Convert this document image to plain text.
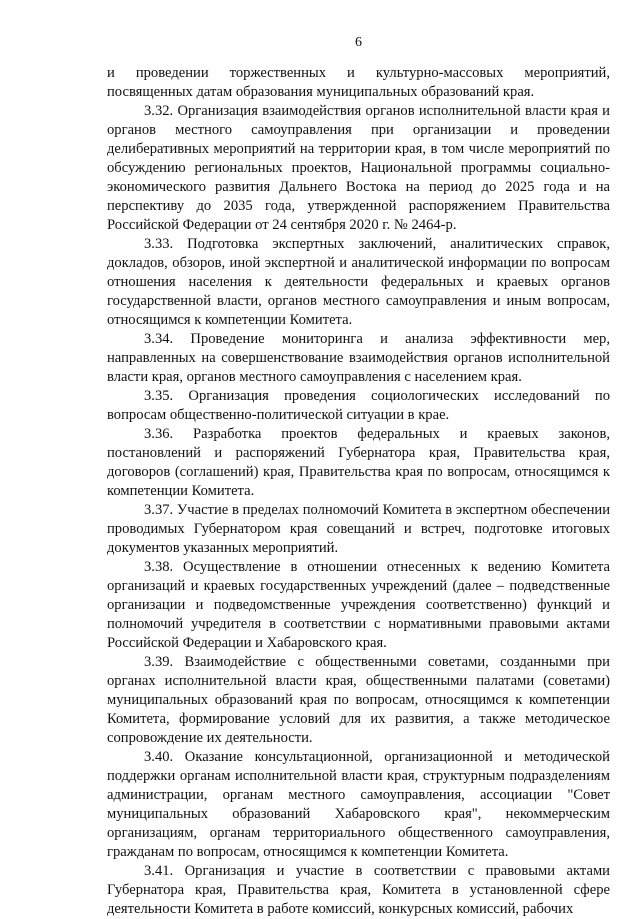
6

и проведении торжественных и культурно-массовых мероприятий, посвященных датам образования муниципальных образований края.

3.32. Организация взаимодействия органов исполнительной власти края и органов местного самоуправления при организации и проведении делиберативных мероприятий на территории края, в том числе мероприятий по обсуждению региональных проектов, Национальной программы социально-экономического развития Дальнего Востока на период до 2025 года и на перспективу до 2035 года, утвержденной распоряжением Правительства Российской Федерации от 24 сентября 2020 г. № 2464-р.

3.33. Подготовка экспертных заключений, аналитических справок, докладов, обзоров, иной экспертной и аналитической информации по вопросам отношения населения к деятельности федеральных и краевых органов государственной власти, органов местного самоуправления и иным вопросам, относящимся к компетенции Комитета.

3.34. Проведение мониторинга и анализа эффективности мер, направленных на совершенствование взаимодействия органов исполнительной власти края, органов местного самоуправления с населением края.

3.35. Организация проведения социологических исследований по вопросам общественно-политической ситуации в крае.

3.36. Разработка проектов федеральных и краевых законов, постановлений и распоряжений Губернатора края, Правительства края, договоров (соглашений) края, Правительства края по вопросам, относящимся к компетенции Комитета.

3.37. Участие в пределах полномочий Комитета в экспертном обеспечении проводимых Губернатором края совещаний и встреч, подготовке итоговых документов указанных мероприятий.

3.38. Осуществление в отношении отнесенных к ведению Комитета организаций и краевых государственных учреждений (далее – подведственные организации и подведомственные учреждения соответственно) функций и полномочий учредителя в соответствии с нормативными правовыми актами Российской Федерации и Хабаровского края.

3.39. Взаимодействие с общественными советами, созданными при органах исполнительной власти края, общественными палатами (советами) муниципальных образований края по вопросам, относящимся к компетенции Комитета, формирование условий для их развития, а также методическое сопровождение их деятельности.

3.40. Оказание консультационной, организационной и методической поддержки органам исполнительной власти края, структурным подразделениям администрации, органам местного самоуправления, ассоциации "Совет муниципальных образований Хабаровского края", некоммерческим организациям, органам территориального общественного самоуправления, гражданам по вопросам, относящимся к компетенции Комитета.

3.41. Организация и участие в соответствии с правовыми актами Губернатора края, Правительства края, Комитета в установленной сфере деятельности Комитета в работе комиссий, конкурсных комиссий, рабочих
